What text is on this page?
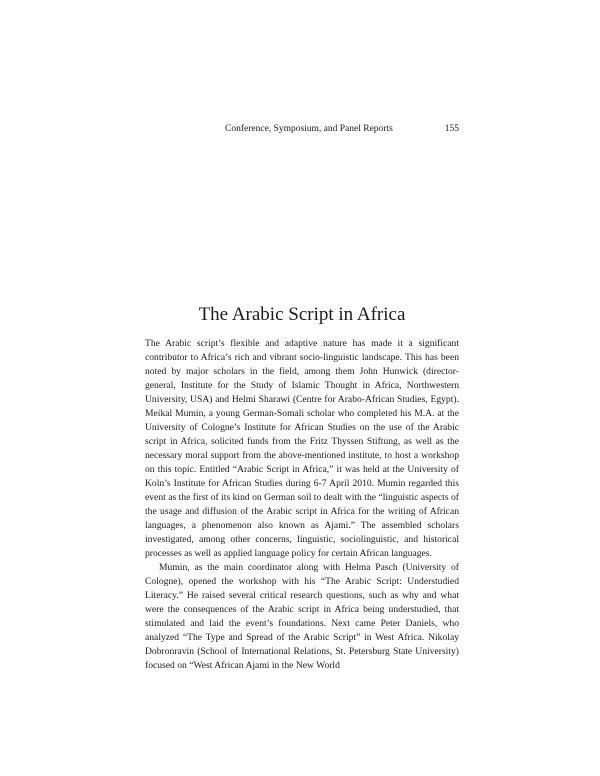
Conference, Symposium, and Panel Reports	155
The Arabic Script in Africa

The Arabic script’s flexible and adaptive nature has made it a significant contributor to Africa’s rich and vibrant socio-linguistic landscape. This has been noted by major scholars in the field, among them John Hunwick (director-general, Institute for the Study of Islamic Thought in Africa, Northwestern University, USA) and Helmi Sharawi (Centre for Arabo-African Studies, Egypt). Meikal Mumin, a young German-Somali scholar who completed his M.A. at the University of Cologne’s Institute for African Studies on the use of the Arabic script in Africa, solicited funds from the Fritz Thyssen Stiftung, as well as the necessary moral support from the above-mentioned institute, to host a workshop on this topic. Entitled “Arabic Script in Africa,” it was held at the University of Koln’s Institute for African Studies during 6-7 April 2010. Mumin regarded this event as the first of its kind on German soil to dealt with the “linguistic aspects of the usage and diffusion of the Arabic script in Africa for the writing of African languages, a phenomenon also known as Ajami.” The assembled scholars investigated, among other concerns, linguistic, sociolinguistic, and historical processes as well as applied language policy for certain African languages.

Mumin, as the main coordinator along with Helma Pasch (University of Cologne), opened the workshop with his “The Arabic Script: Understudied Literacy.” He raised several critical research questions, such as why and what were the consequences of the Arabic script in Africa being understudied, that stimulated and laid the event’s foundations. Next came Peter Daniels, who analyzed “The Type and Spread of the Arabic Script” in West Africa. Nikolay Dobronravin (School of International Relations, St. Petersburg State University) focused on “West African Ajami in the New World
